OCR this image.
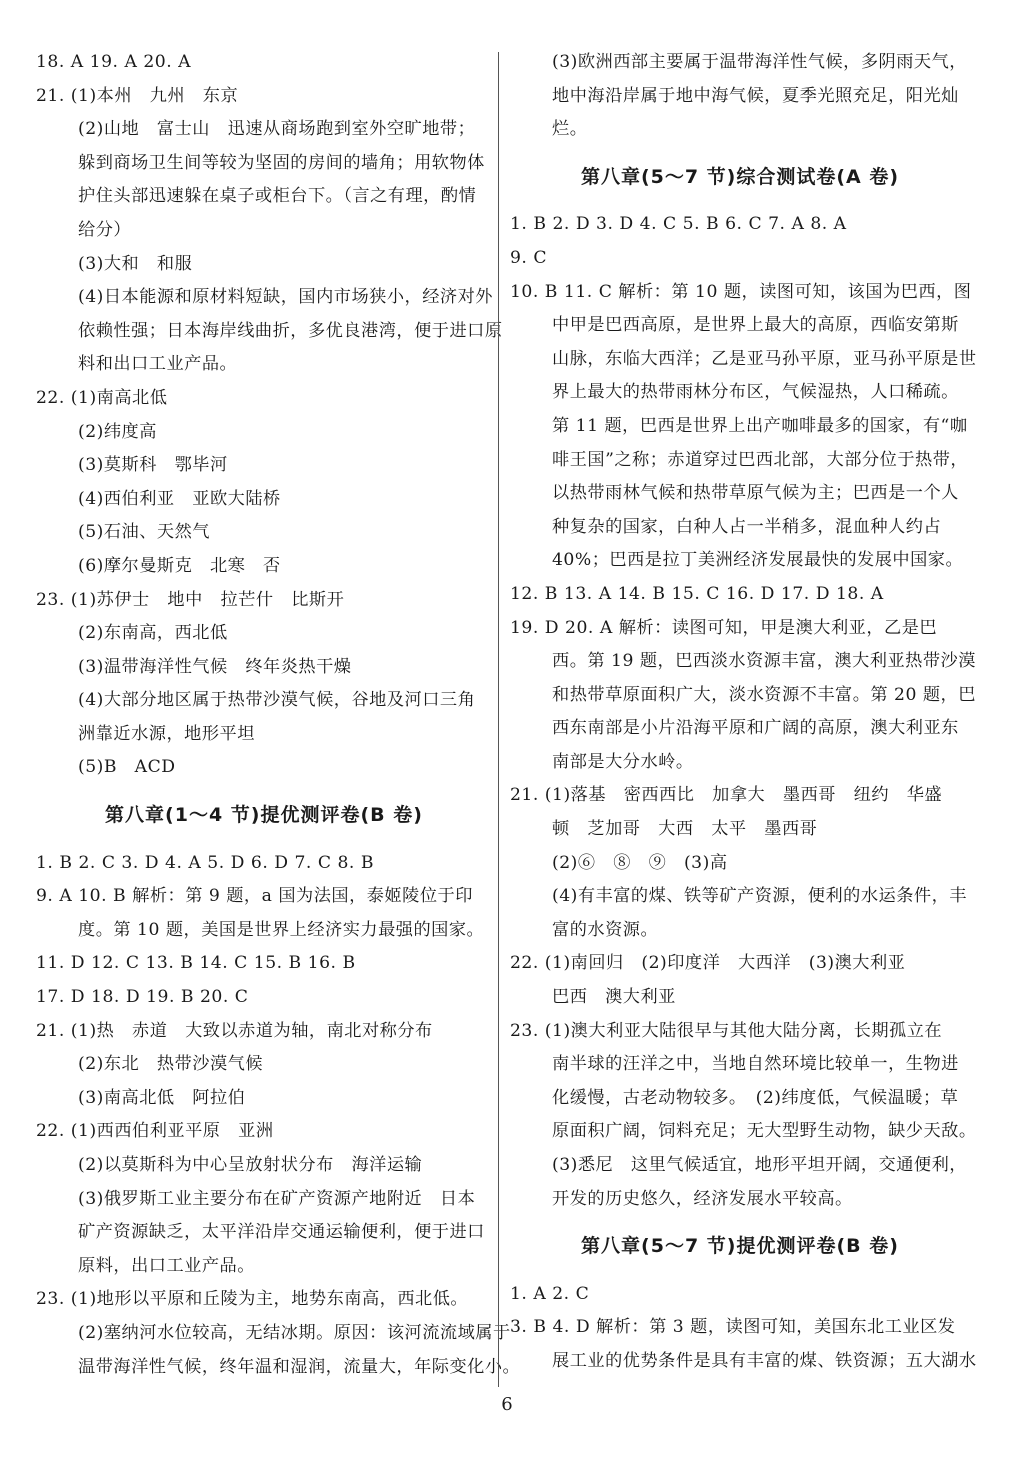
18. A 19. A 20. A
21. (1)本州　九州　东京
(2)山地　富士山　迅速从商场跑到室外空旷地带；
躲到商场卫生间等较为坚固的房间的墙角；用软物体
护住头部迅速躲在桌子或柜台下。（言之有理，酌情
给分）
(3)大和　和服
(4)日本能源和原材料短缺，国内市场狭小，经济对外
依赖性强；日本海岸线曲折，多优良港湾，便于进口原
料和出口工业产品。
22. (1)南高北低
(2)纬度高
(3)莫斯科　鄂毕河
(4)西伯利亚　亚欧大陆桥
(5)石油、天然气
(6)摩尔曼斯克　北寒　否
23. (1)苏伊士　地中　拉芒什　比斯开
(2)东南高，西北低
(3)温带海洋性气候　终年炎热干燥
(4)大部分地区属于热带沙漠气候，谷地及河口三角
洲靠近水源，地形平坦
(5)B　ACD
第八章(1～4 节)提优测评卷(B 卷)
1. B 2. C 3. D 4. A 5. D 6. D 7. C 8. B
9. A 10. B 解析：第 9 题，a 国为法国，泰姬陵位于印
度。第 10 题，美国是世界上经济实力最强的国家。
11. D 12. C 13. B 14. C 15. B 16. B
17. D 18. D 19. B 20. C
21. (1)热　赤道　大致以赤道为轴，南北对称分布
(2)东北　热带沙漠气候
(3)南高北低　阿拉伯
22. (1)西西伯利亚平原　亚洲
(2)以莫斯科为中心呈放射状分布　海洋运输
(3)俄罗斯工业主要分布在矿产资源产地附近　日本
矿产资源缺乏，太平洋沿岸交通运输便利，便于进口
原料，出口工业产品。
23. (1)地形以平原和丘陵为主，地势东南高，西北低。
(2)塞纳河水位较高，无结冰期。原因：该河流流域属于
温带海洋性气候，终年温和湿润，流量大，年际变化小。
(3)欧洲西部主要属于温带海洋性气候，多阴雨天气，
地中海沿岸属于地中海气候，夏季光照充足，阳光灿
烂。
第八章(5～7 节)综合测试卷(A 卷)
1. B 2. D 3. D 4. C 5. B 6. C 7. A 8. A
9. C
10. B 11. C 解析：第 10 题，读图可知，该国为巴西，图
中甲是巴西高原，是世界上最大的高原，西临安第斯
山脉，东临大西洋；乙是亚马孙平原，亚马孙平原是世
界上最大的热带雨林分布区，气候湿热，人口稀疏。
第 11 题，巴西是世界上出产咖啡最多的国家，有“咖
啡王国”之称；赤道穿过巴西北部，大部分位于热带，
以热带雨林气候和热带草原气候为主；巴西是一个人
种复杂的国家，白种人占一半稍多，混血种人约占
40%；巴西是拉丁美洲经济发展最快的发展中国家。
12. B 13. A 14. B 15. C 16. D 17. D 18. A
19. D 20. A 解析：读图可知，甲是澳大利亚，乙是巴
西。第 19 题，巴西淡水资源丰富，澳大利亚热带沙漠
和热带草原面积广大，淡水资源不丰富。第 20 题，巴
西东南部是小片沿海平原和广阔的高原，澳大利亚东
南部是大分水岭。
21. (1)落基　密西西比　加拿大　墨西哥　纽约　华盛
顿　芝加哥　大西　太平　墨西哥
(2)⑥　⑧　⑨　(3)高
(4)有丰富的煤、铁等矿产资源，便利的水运条件，丰
富的水资源。
22. (1)南回归　(2)印度洋　大西洋　(3)澳大利亚
巴西　澳大利亚
23. (1)澳大利亚大陆很早与其他大陆分离，长期孤立在
南半球的汪洋之中，当地自然环境比较单一，生物进
化缓慢，古老动物较多。　(2)纬度低，气候温暖；草
原面积广阔，饲料充足；无大型野生动物，缺少天敌。
(3)悉尼　这里气候适宜，地形平坦开阔，交通便利，
开发的历史悠久，经济发展水平较高。
第八章(5～7 节)提优测评卷(B 卷)
1. A 2. C
3. B 4. D 解析：第 3 题，读图可知，美国东北工业区发
展工业的优势条件是具有丰富的煤、铁资源；五大湖水
6
